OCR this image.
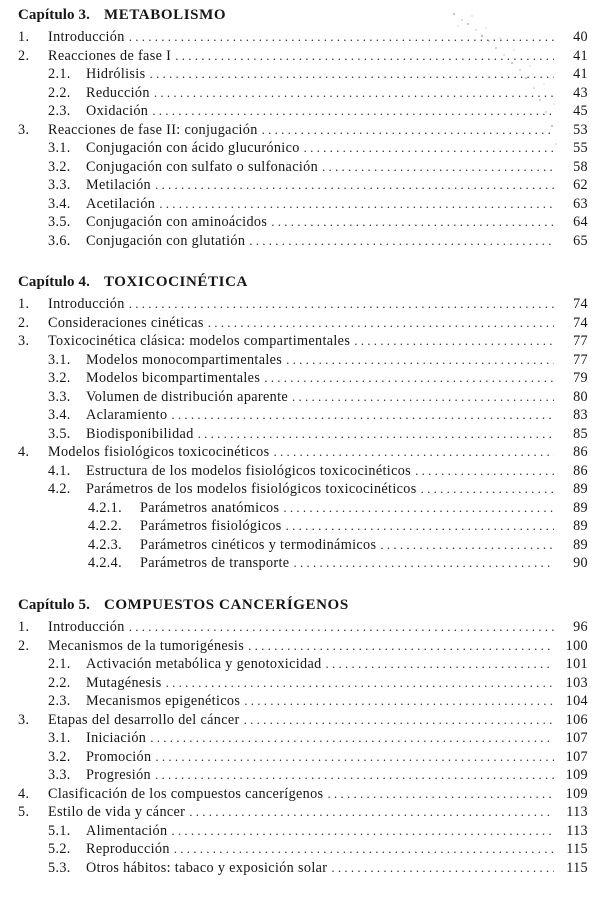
Capítulo 3. METABOLISMO
1.	Introducción . . .	40
2.	Reacciones de fase I . . .	41
2.1.	Hidrólisis . . .	41
2.2.	Reducción . . .	43
2.3.	Oxidación . . .	45
3.	Reacciones de fase II: conjugación . . .	53
3.1.	Conjugación con ácido glucurónico . . .	55
3.2.	Conjugación con sulfato o sulfonación . . .	58
3.3.	Metilación . . .	62
3.4.	Acetilación . . .	63
3.5.	Conjugación con aminoácidos . . .	64
3.6.	Conjugación con glutatión . . .	65
Capítulo 4. TOXICOCINÉTICA
1.	Introducción . . .	74
2.	Consideraciones cinéticas . . .	74
3.	Toxicocinética clásica: modelos compartimentales . . .	77
3.1.	Modelos monocompartimentales . . .	77
3.2.	Modelos bicompartimentales . . .	79
3.3.	Volumen de distribución aparente . . .	80
3.4.	Aclaramiento . . .	83
3.5.	Biodisponibilidad . . .	85
4.	Modelos fisiológicos toxicocinéticos . . .	86
4.1.	Estructura de los modelos fisiológicos toxicocinéticos . . .	86
4.2.	Parámetros de los modelos fisiológicos toxicocinéticos . . .	89
4.2.1.	Parámetros anatómicos . . .	89
4.2.2.	Parámetros fisiológicos . . .	89
4.2.3.	Parámetros cinéticos y termodinámicos . . .	89
4.2.4.	Parámetros de transporte . . .	90
Capítulo 5. COMPUESTOS CANCERÍGENOS
1.	Introducción . . .	96
2.	Mecanismos de la tumorigénesis . . .	100
2.1.	Activación metabólica y genotoxicidad . . .	101
2.2.	Mutagénesis . . .	103
2.3.	Mecanismos epigenéticos . . .	104
3.	Etapas del desarrollo del cáncer . . .	106
3.1.	Iniciación . . .	107
3.2.	Promoción . . .	107
3.3.	Progresión . . .	109
4.	Clasificación de los compuestos cancerígenos . . .	109
5.	Estilo de vida y cáncer . . .	113
5.1.	Alimentación . . .	113
5.2.	Reproducción . . .	115
5.3.	Otros hábitos: tabaco y exposición solar . . .	115
